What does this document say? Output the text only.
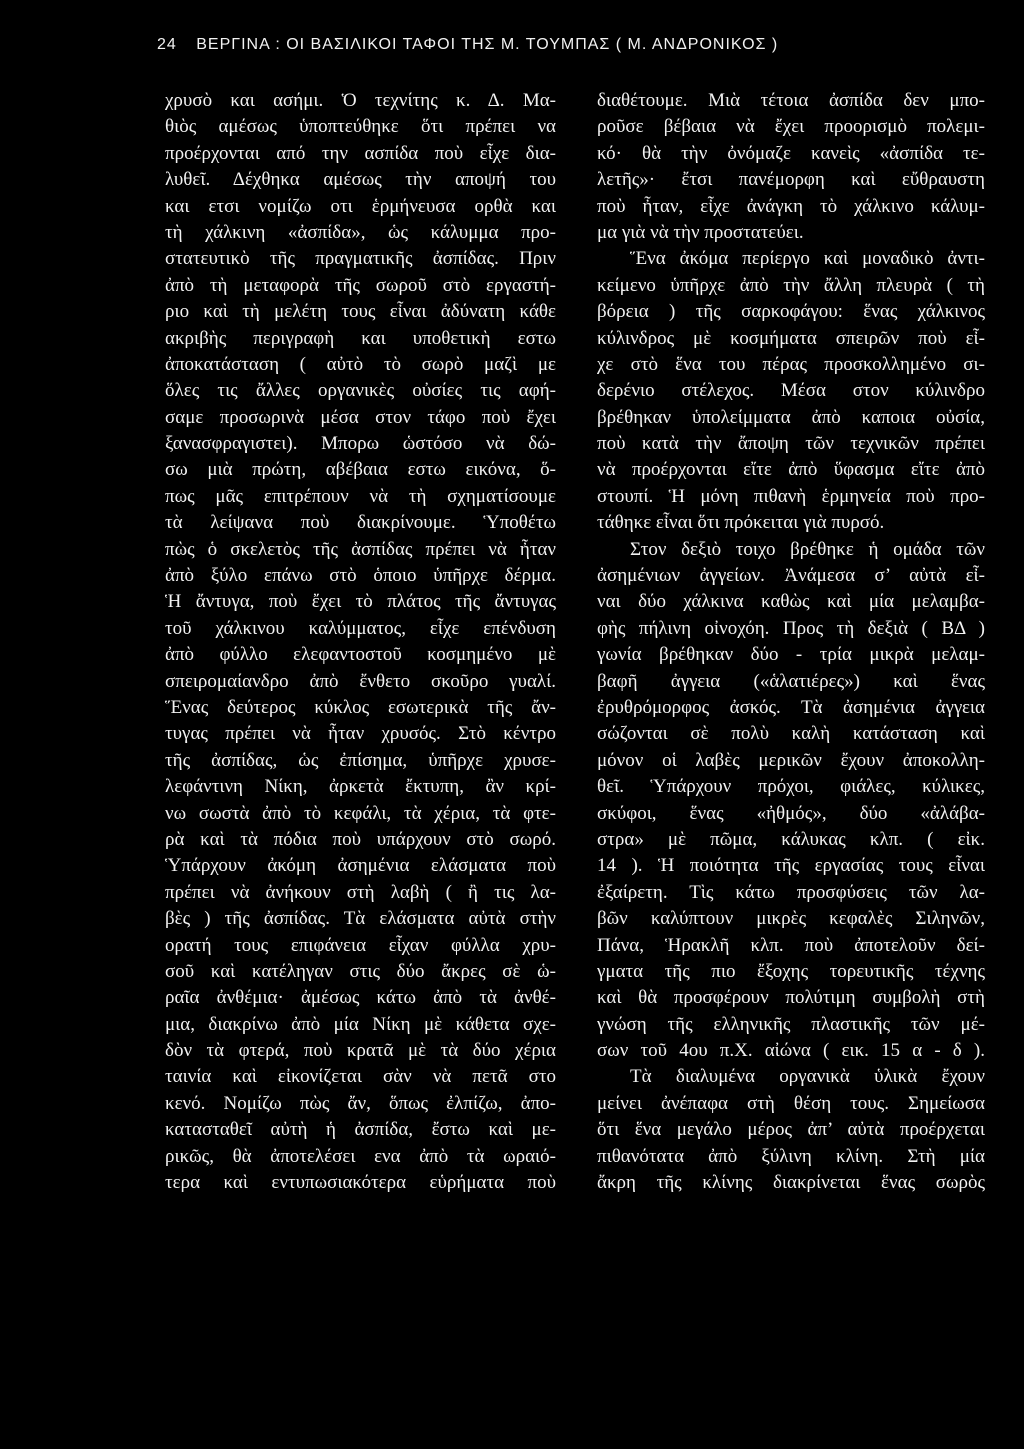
24 ΒΕΡΓΙΝΑ : ΟΙ ΒΑΣΙΛΙΚΟΙ ΤΑΦΟΙ ΤΗΣ Μ. ΤΟΥΜΠΑΣ ( Μ. ΑΝΔΡΟΝΙΚΟΣ )
χρυσὸ και ασήμι. Ὁ τεχνίτης κ. Δ. Μα-
θιὸς αμέσως ὑποπτεύθηκε ὅτι πρέπει να
προέρχονται από την ασπίδα ποὺ εἶχε δια-
λυθεῖ. Δέχθηκα αμέσως τὴν αποψή του
και ετσι νομίζω οτι ἑρμήνευσα ορθὰ και
τὴ χάλκινη «ἀσπίδα», ὡς κάλυμμα προ-
στατευτικὸ τῆς πραγματικῆς ἀσπίδας. Πριν
ἀπὸ τὴ μεταφορὰ τῆς σωροῦ στὸ εργαστή-
ριο καὶ τὴ μελέτη τους εἶναι ἀδύνατη κάθε
ακριβὴς περιγραφὴ και υποθετικὴ εστω
ἀποκατάσταση ( αὐτὸ τὸ σωρὸ μαζὶ με
ὅλες τις ἄλλες οργανικὲς οὐσίες τις αφή-
σαμε προσωρινὰ μέσα στον τάφο ποὺ ἔχει
ξανασφραγιστει). Μπορω ὡστόσο νὰ δώ-
σω μιὰ πρώτη, αβέβαια εστω εικόνα, ὅ-
πως μᾶς επιτρέπουν νὰ τὴ σχηματίσουμε
τὰ λείψανα ποὺ διακρίνουμε. Ὑποθέτω
πὼς ὁ σκελετὸς τῆς ἀσπίδας πρέπει νὰ ἦταν
ἀπὸ ξύλο επάνω στὸ ὁποιο ὑπῆρχε δέρμα.
Ἡ ἄντυγα, ποὺ ἔχει τὸ πλάτος τῆς ἄντυγας
τοῦ χάλκινου καλύμματος, εἶχε επένδυση
ἀπὸ φύλλο ελεφαντοστοῦ κοσμημένο μὲ
σπειρομαίανδρο ἀπὸ ἔνθετο σκοῦρο γυαλί.
Ἕνας δεύτερος κύκλος εσωτερικὰ τῆς ἄν-
τυγας πρέπει νὰ ἦταν χρυσός. Στὸ κέντρο
τῆς ἀσπίδας, ὡς ἐπίσημα, ὑπῆρχε χρυσε-
λεφάντινη Νίκη, ἀρκετὰ ἔκτυπη, ἂν κρί-
νω σωστὰ ἀπὸ τὸ κεφάλι, τὰ χέρια, τὰ φτε-
ρὰ καὶ τὰ πόδια ποὺ υπάρχουν στὸ σωρό.
Ὑπάρχουν ἀκόμη ἀσημένια ελάσματα ποὺ
πρέπει νὰ ἀνήκουν στὴ λαβὴ ( ἢ τις λα-
βὲς ) τῆς ἀσπίδας. Τὰ ελάσματα αὐτὰ στὴν
ορατή τους επιφάνεια εἶχαν φύλλα χρυ-
σοῦ καὶ κατέληγαν στις δύο ἄκρες σὲ ὡ-
ραῖα ἀνθέμια· ἀμέσως κάτω ἀπὸ τὰ ἀνθέ-
μια, διακρίνω ἀπὸ μία Νίκη μὲ κάθετα σχε-
δὸν τὰ φτερά, ποὺ κρατᾶ μὲ τὰ δύο χέρια
ταινία καὶ εἰκονίζεται σὰν νὰ πετᾶ στο
κενό. Νομίζω πὼς ἄν, ὅπως ἐλπίζω, ἀπο-
κατασταθεῖ αὐτὴ ἡ ἀσπίδα, ἔστω καὶ με-
ρικῶς, θὰ ἀποτελέσει ενα ἀπὸ τὰ ωραιό-
τερα καὶ εντυπωσιακότερα εὑρήματα ποὺ
διαθέτουμε. Μιὰ τέτοια ἀσπίδα δεν μπο-
ροῦσε βέβαια νὰ ἔχει προορισμὸ πολεμι-
κό· θὰ τὴν ὀνόμαζε κανεὶς «ἀσπίδα τε-
λετῆς»· ἔτσι πανέμορφη καὶ εὔθραυστη
ποὺ ἦταν, εἶχε ἀνάγκη τὸ χάλκινο κάλυμ-
μα γιὰ νὰ τὴν προστατεύει.
Ἕνα ἀκόμα περίεργο καὶ μοναδικὸ ἀντι-
κείμενο ὑπῆρχε ἀπὸ τὴν ἄλλη πλευρὰ ( τὴ
βόρεια ) τῆς σαρκοφάγου: ἕνας χάλκινος
κύλινδρος μὲ κοσμήματα σπειρῶν ποὺ εἶ-
χε στὸ ἕνα του πέρας προσκολλημένο σι-
δερένιο στέλεχος. Μέσα στον κύλινδρο
βρέθηκαν ὑπολείμματα ἀπὸ καποια οὐσία,
ποὺ κατὰ τὴν ἄποψη τῶν τεχνικῶν πρέπει
νὰ προέρχονται εἴτε ἀπὸ ὕφασμα εἴτε ἀπὸ
στουπί. Ἡ μόνη πιθανὴ ἑρμηνεία ποὺ προ-
τάθηκε εἶναι ὅτι πρόκειται γιὰ πυρσό.
Στον δεξιὸ τοιχο βρέθηκε ἡ ομάδα τῶν
ἀσημένιων ἀγγείων. Ἀνάμεσα σ’ αὐτὰ εἶ-
ναι δύο χάλκινα καθὼς καὶ μία μελαμβα-
φὴς πήλινη οἰνοχόη. Προς τὴ δεξιὰ ( ΒΔ )
γωνία βρέθηκαν δύο - τρία μικρὰ μελαμ-
βαφῆ ἀγγεια («ἁλατιέρες») καὶ ἕνας
ἐρυθρόμορφος ἀσκός. Τὰ ἀσημένια ἀγγεια
σώζονται σὲ πολὺ καλὴ κατάσταση καὶ
μόνον οἱ λαβὲς μερικῶν ἔχουν ἀποκολλη-
θεῖ. Ὑπάρχουν πρόχοι, φιάλες, κύλικες,
σκύφοι, ἕνας «ἠθμός», δύο «ἀλάβα-
στρα» μὲ πῶμα, κάλυκας κλπ. ( εἰκ.
14 ). Ἡ ποιότητα τῆς εργασίας τους εἶναι
ἐξαίρετη. Τὶς κάτω προσφύσεις τῶν λα-
βῶν καλύπτουν μικρὲς κεφαλὲς Σιληνῶν,
Πάνα, Ἡρακλῆ κλπ. ποὺ ἀποτελοῦν δεί-
γματα τῆς πιο ἔξοχης τορευτικῆς τέχνης
καὶ θὰ προσφέρουν πολύτιμη συμβολὴ στὴ
γνώση τῆς ελληνικῆς πλαστικῆς τῶν μέ-
σων τοῦ 4ου π.Χ. αἰώνα ( εικ. 15 α - δ ).
Τὰ διαλυμένα οργανικὰ ὑλικὰ ἔχουν
μείνει ἀνέπαφα στὴ θέση τους. Σημείωσα
ὅτι ἕνα μεγάλο μέρος ἀπ’ αὐτὰ προέρχεται
πιθανότατα ἀπὸ ξύλινη κλίνη. Στὴ μία
ἄκρη τῆς κλίνης διακρίνεται ἕνας σωρὸς
